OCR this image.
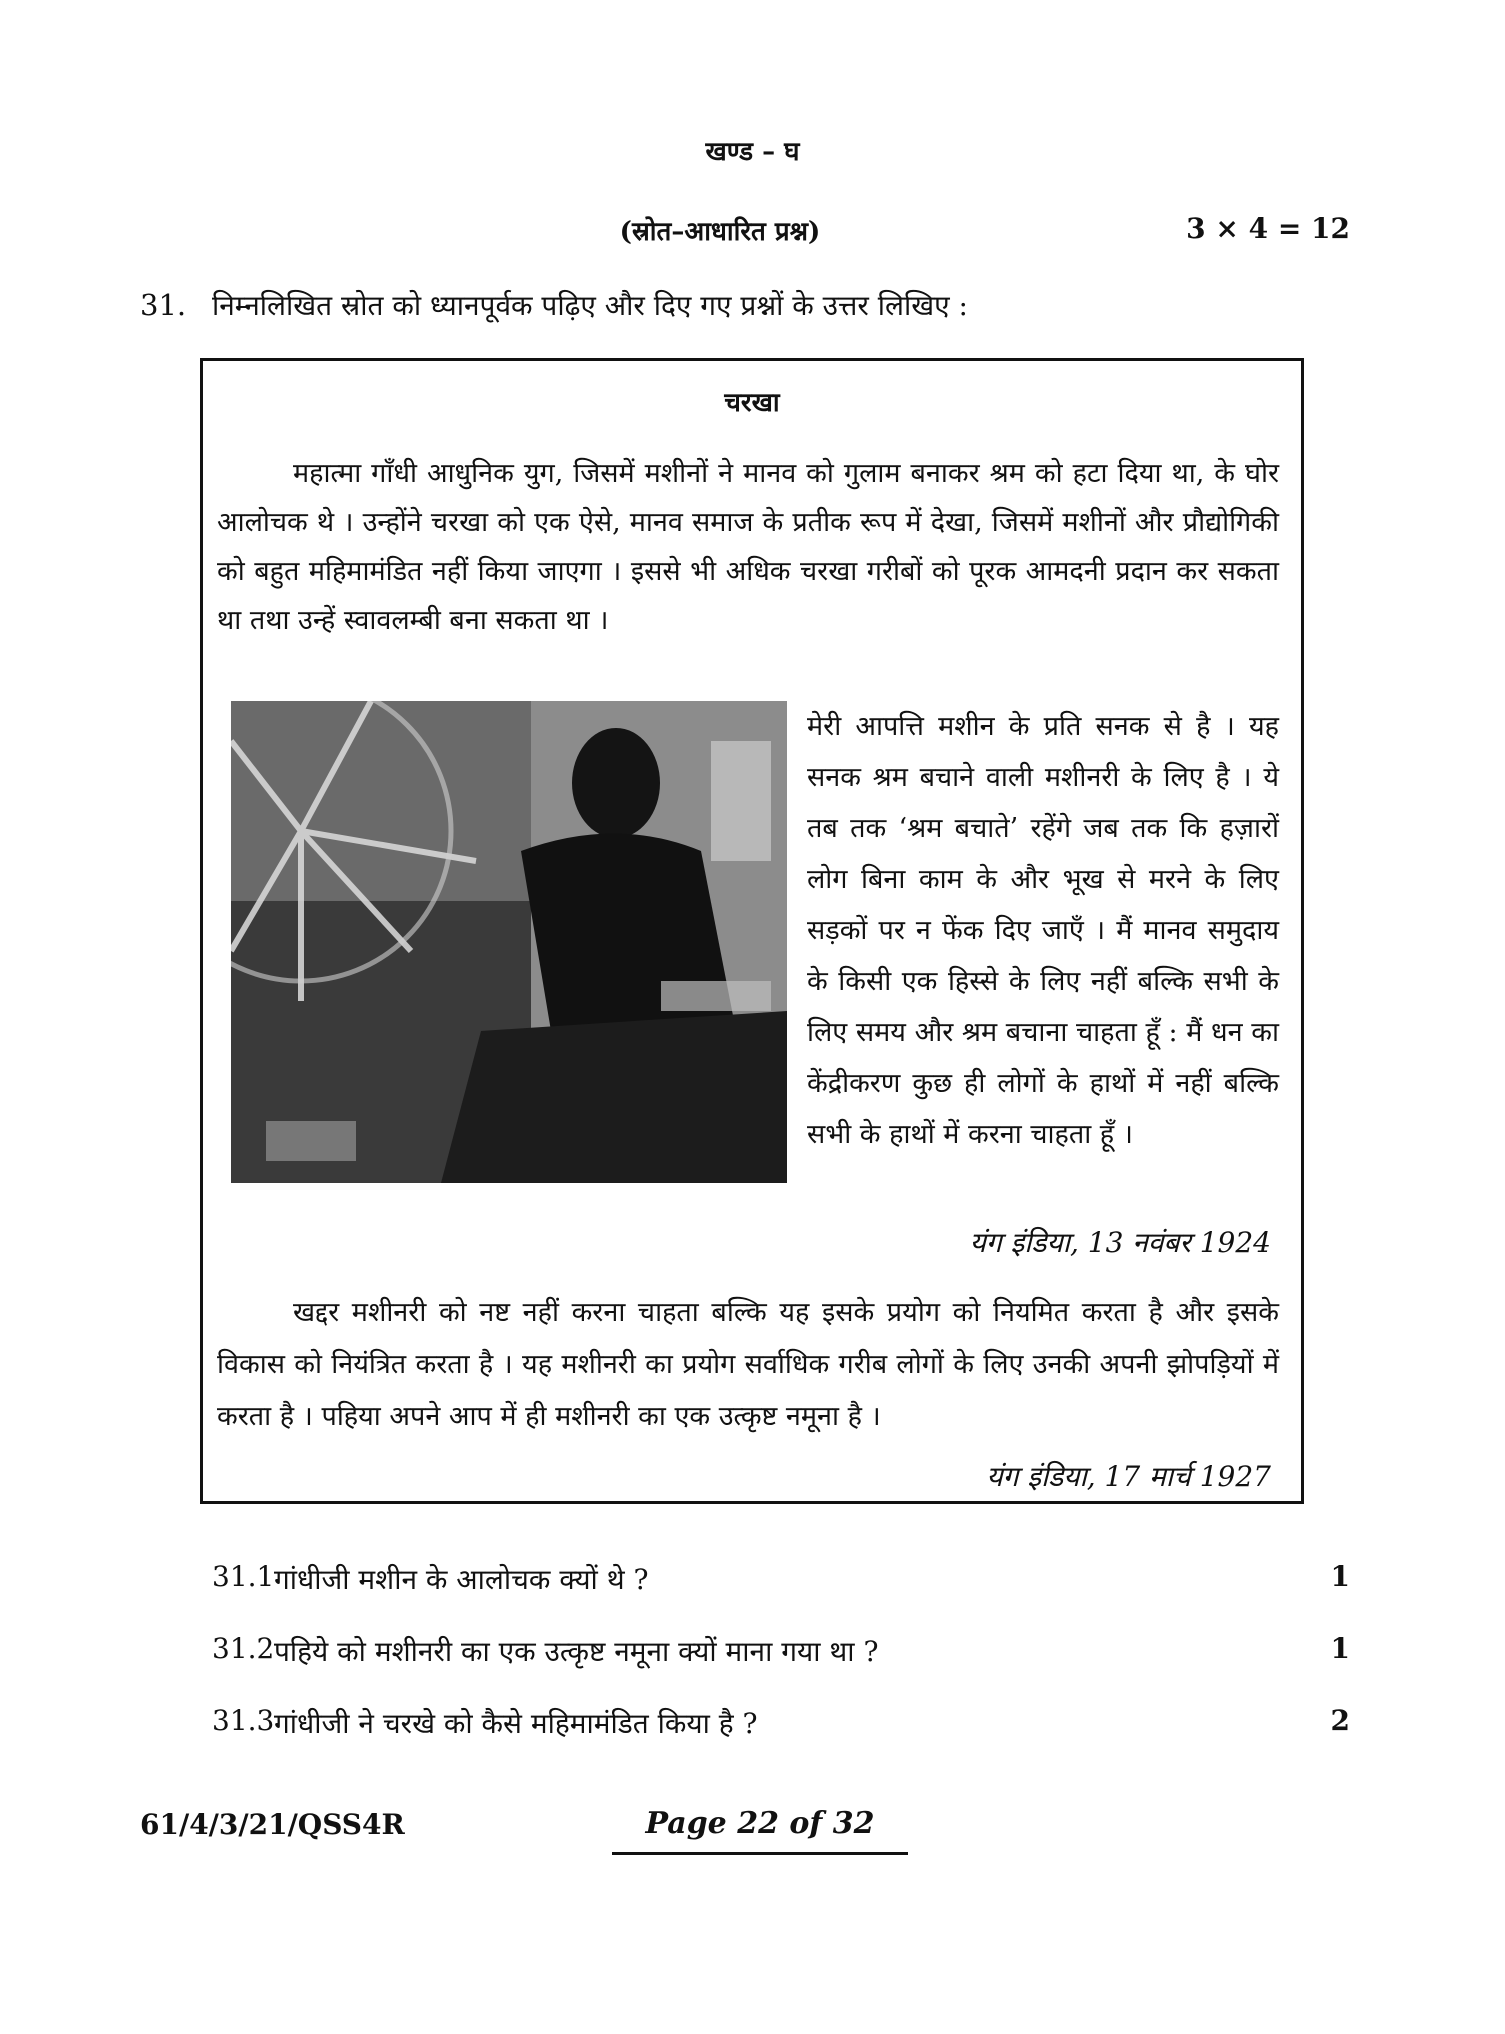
खण्ड – घ
(स्रोत–आधारित प्रश्न)	3 × 4 = 12
31. निम्नलिखित स्रोत को ध्यानपूर्वक पढ़िए और दिए गए प्रश्नों के उत्तर लिखिए :
चरखा
महात्मा गाँधी आधुनिक युग, जिसमें मशीनों ने मानव को गुलाम बनाकर श्रम को हटा दिया था, के घोर आलोचक थे । उन्होंने चरखा को एक ऐसे, मानव समाज के प्रतीक रूप में देखा, जिसमें मशीनों और प्रौद्योगिकी को बहुत महिमामंडित नहीं किया जाएगा । इससे भी अधिक चरखा गरीबों को पूरक आमदनी प्रदान कर सकता था तथा उन्हें स्वावलम्बी बना सकता था ।
मेरी आपत्ति मशीन के प्रति सनक से है । यह सनक श्रम बचाने वाली मशीनरी के लिए है । ये तब तक ‘श्रम बचाते’ रहेंगे जब तक कि हज़ारों लोग बिना काम के और भूख से मरने के लिए सड़कों पर न फेंक दिए जाएँ । मैं मानव समुदाय के किसी एक हिस्से के लिए नहीं बल्कि सभी के लिए समय और श्रम बचाना चाहता हूँ : मैं धन का केंद्रीकरण कुछ ही लोगों के हाथों में नहीं बल्कि सभी के हाथों में करना चाहता हूँ ।
यंग इंडिया, 13 नवंबर 1924
खद्दर मशीनरी को नष्ट नहीं करना चाहता बल्कि यह इसके प्रयोग को नियमित करता है और इसके विकास को नियंत्रित करता है । यह मशीनरी का प्रयोग सर्वाधिक गरीब लोगों के लिए उनकी अपनी झोपड़ियों में करता है । पहिया अपने आप में ही मशीनरी का एक उत्कृष्ट नमूना है ।
यंग इंडिया, 17 मार्च 1927
31.1 गांधीजी मशीन के आलोचक क्यों थे ?	1
31.2 पहिये को मशीनरी का एक उत्कृष्ट नमूना क्यों माना गया था ?	1
31.3 गांधीजी ने चरखे को कैसे महिमामंडित किया है ?	2
61/4/3/21/QSS4R	Page 22 of 32
